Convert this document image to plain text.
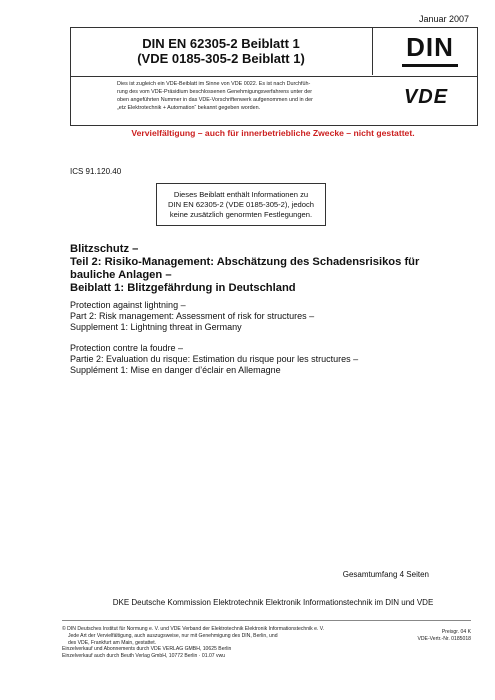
Januar 2007
DIN EN 62305-2 Beiblatt 1
(VDE 0185-305-2 Beiblatt 1)	DIN
Dies ist zugleich ein VDE-Beiblatt im Sinne von VDE 0022. Es ist nach Durchfüh-
rung des vom VDE-Präsidium beschlossenen Genehmigungsverfahrens unter der
oben angeführten Nummer in das VDE-Vorschriftenwerk aufgenommen und in der
„etz Elektrotechnik + Automation“ bekannt gegeben worden.	VDE
Vervielfältigung – auch für innerbetriebliche Zwecke – nicht gestattet.
ICS 91.120.40
Dieses Beiblatt enthält Informationen zu
DIN EN 62305-2 (VDE 0185-305-2), jedoch
keine zusätzlich genormten Festlegungen.
Blitzschutz –
Teil 2: Risiko-Management: Abschätzung des Schadensrisikos für
bauliche Anlagen –
Beiblatt 1: Blitzgefährdung in Deutschland
Protection against lightning –
Part 2: Risk management: Assessment of risk for structures –
Supplement 1: Lightning threat in Germany
Protection contre la foudre –
Partie 2: Evaluation du risque: Estimation du risque pour les structures –
Supplément 1: Mise en danger d’éclair en Allemagne
Gesamtumfang 4 Seiten
DKE Deutsche Kommission Elektrotechnik Elektronik Informationstechnik im DIN und VDE
© DIN Deutsches Institut für Normung e. V. und VDE Verband der Elektrotechnik Elektronik Informationstechnik e. V.
Jede Art der Vervielfältigung, auch auszugsweise, nur mit Genehmigung des DIN, Berlin, und
des VDE, Frankfurt am Main, gestattet.
Einzelverkauf und Abonnements durch VDE VERLAG GMBH, 10625 Berlin
Einzelverkauf auch durch Beuth Verlag GmbH, 10772 Berlin · 01.07 vwu
Preisgr. 04 K
VDE-Vertr.-Nr. 0185018
